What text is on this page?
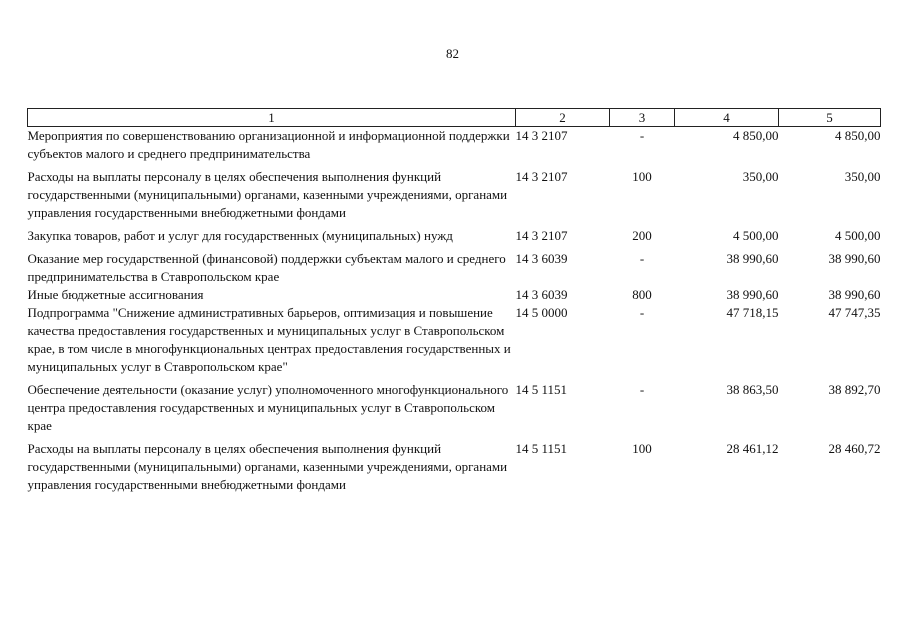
82
1	2	3	4	5
Мероприятия по совершенствованию организационной и информационной поддержки субъектов малого и среднего предпринимательства	14 3 2107	-	4 850,00	4 850,00
Расходы на выплаты персоналу в целях обеспечения выполнения функций государственными (муниципальными) органами, казенными учреждениями, органами управления государственными внебюджетными фондами	14 3 2107	100	350,00	350,00
Закупка товаров, работ и услуг для государственных (муниципальных) нужд	14 3 2107	200	4 500,00	4 500,00
Оказание мер государственной (финансовой) поддержки субъектам малого и среднего предпринимательства в Ставропольском крае	14 3 6039	-	38 990,60	38 990,60
Иные бюджетные ассигнования	14 3 6039	800	38 990,60	38 990,60
Подпрограмма "Снижение административных барьеров, оптимизация и повышение качества предоставления государственных и муниципальных услуг в Ставропольском крае, в том числе в многофункциональных центрах предоставления государственных и муниципальных услуг в Ставропольском крае"	14 5 0000	-	47 718,15	47 747,35
Обеспечение деятельности (оказание услуг) уполномоченного многофункционального центра предоставления государственных и муниципальных услуг в Ставропольском крае	14 5 1151	-	38 863,50	38 892,70
Расходы на выплаты персоналу в целях обеспечения выполнения функций государственными (муниципальными) органами, казенными учреждениями, органами управления государственными внебюджетными фондами	14 5 1151	100	28 461,12	28 460,72
